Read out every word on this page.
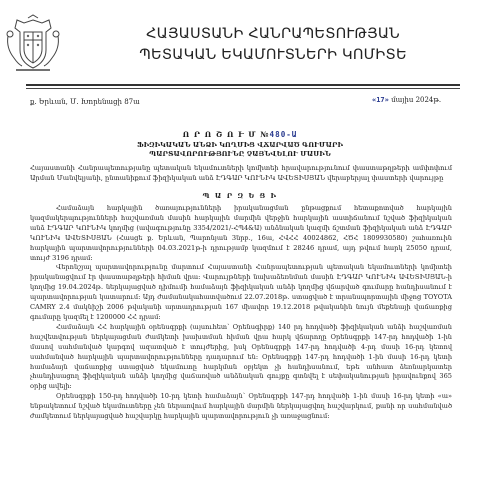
ՀԱՅԱՍՏԱՆԻ ՀԱՆՐԱՊԵՏՈՒԹՅԱՆ
ՊԵՏԱԿԱՆ ԵԿԱՄՈՒՏՆԵՐԻ ԿՈՄԻՏԵ
ք. Երևան, Մ. Խորենացի 87ա	«17» մայիս 2024թ.
Ո Ր Ո Շ Ո Ւ Մ №480-Ա
ՖԻԶԻԿԱԿԱՆ ԱՆՁԻ ԿՈՂՄԻՑ ՎՃԱՐՎԱԾ ԳՈՒՄԱՐԻ
ՊԱՐՏԱՎՈՐՈՒԹՅՈՒՆԸ ՉԱՅՆՎԵԼՈՒ ՄԱՍԻՆ
Հայաստանի Հանրապետությանը պետական եկամուտների կոմիտեի հրավարությունում փաստաթղթերի ամփոփում Արման Մանվելյանի, ընտանիքում ֆիզիկական անձ ԷԴԳԱՐ ԿՈՒՆԻԿ ԱՎԵՏԻՍՅԱՆ վերաբերյալ փաստերի վարույթը
Պ Ա Ր Զ Ե Ց Ի

Համաձայն հարկային ծառայությունների իրականացման ընթացքում հետաքոտված հարկային կազմակերպությունների հաշվառման մասին հարկային մարմին վերջին հարկային աստիճանում նշված ֆիզիկական անձ ԷԴԳԱՐ ԿՈՒՆԻԿ կողմից (ավագությունը 3354/2021/-ՀՊ4&Ա) անձնական կազմի ճշտման ֆիզիկական անձ ԷԴԳԱՐ ԿՈՒՆԻԿ ԱՎԵՏԻՍՅԱՆ (Հասցե ք. Երևան, Պարոնյան 3նրբ., 16ա, ՀՎՀՀ 40024862, ՀԾՀ 1809930580) շահառուին հարկային պարտավորությունների 04.03.2021թ-ի դրությամբ կազմում է 28246 դրամ, այդ թվում հարկ 25050 դրամ, տույժ 3196 դրամ։

Վերոնշյալ պարտավորությունը մարտում Հայաստանի Հանրապետության պետական եկամուտների կոմիտեի իրականացվում էր փաստաթղթերի հիման վրա։ Վարույթների նախաձեռնման մասին ԷԴԳԱՐ ԿՈՒՆԻԿ ԱՎԵՏԻՍՅԱՆ-ի կողմից 19.04.2024թ. ներկայացված դիմումի համաձայն ֆիզիկական անձի կողմից վճարված գումարը հանդիսանում է պարտավորության կատարում։ Այդ ժամանակահատվածում 22.07.2018թ. ստացված է տրանսպորտային միջոց TOYOTA CAMRY 2.4 մակնիշի 2006 թվականի արտադրության 167 միավոր 19.12.2018 թվականին նույն մեքենայի վաճառքից գումարը կազմել է 1200000 ՀՀ դրամ։

Համաձայն ՀՀ հարկային օրենսգրքի (այսուհետ՝ Օրենսգիրք) 140 րդ հոդվածի ֆիզիկական անձի հաշվառման հաշվետվության ներկայացման ժամկետի խախտման հիման վրա հարկ վճարողը Օրենսգրքի 147-րդ հոդվածի 1-ին մասով սահմանված կարգով ազատված է տույժերից, իսկ Օրենսգրքի 147-րդ հոդվածի 4-րդ մասի 16-րդ կետով սահմանված հարկային պարտավորությունները դադարում են։ Օրենսգրքի 147-րդ հոդվածի 1-ին մասի 16-րդ կետի համաձայն վաճառքից ստացված եկամուտը հարկման օբյեկտ չի հանդիսանում, եթե անհատ ձեռնարկատեր չհանդիսացող ֆիզիկական անձի կողմից վաճառված անձնական գույքը գտնվել է սեփականության իրավունքով 365 օրից ավելի։

Օրենսգրքի 150-րդ հոդվածի 10-րդ կետի համաձայն՝ Օրենսգրքի 147-րդ հոդվածի 1-ին մասի 16-րդ կետի «ա» ենթակետում նշված եկամուտները չեն ներառվում հարկային մարմին ներկայացվող հաշվարկում, քանի որ սահմանված ժամկետում ներկայացված հաշվարկը հարկային պարտավորություն չի առաջացնում։
